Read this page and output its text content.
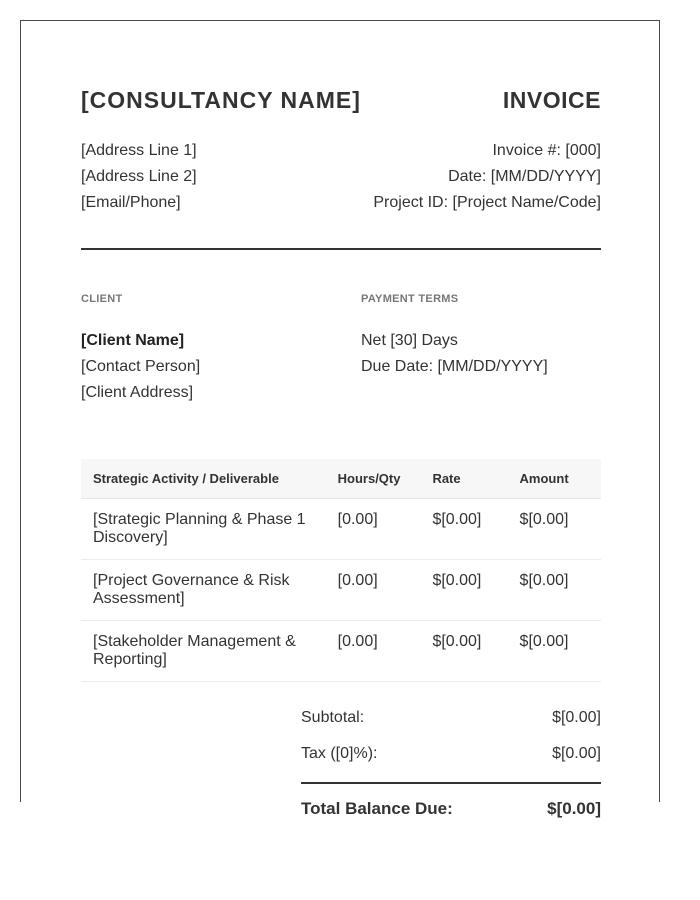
[CONSULTANCY NAME]	INVOICE
[Address Line 1]
[Address Line 2]
[Email/Phone]
Invoice #: [000]
Date: [MM/DD/YYYY]
Project ID: [Project Name/Code]
CLIENT	PAYMENT TERMS
[Client Name]
[Contact Person]
[Client Address]
Net [30] Days
Due Date: [MM/DD/YYYY]
Strategic Activity / Deliverable	Hours/Qty	Rate	Amount
[Strategic Planning & Phase 1 Discovery]	[0.00]	$[0.00]	$[0.00]
[Project Governance & Risk Assessment]	[0.00]	$[0.00]	$[0.00]
[Stakeholder Management & Reporting]	[0.00]	$[0.00]	$[0.00]
Subtotal:	$[0.00]
Tax ([0]%):	$[0.00]
Total Balance Due:	$[0.00]
